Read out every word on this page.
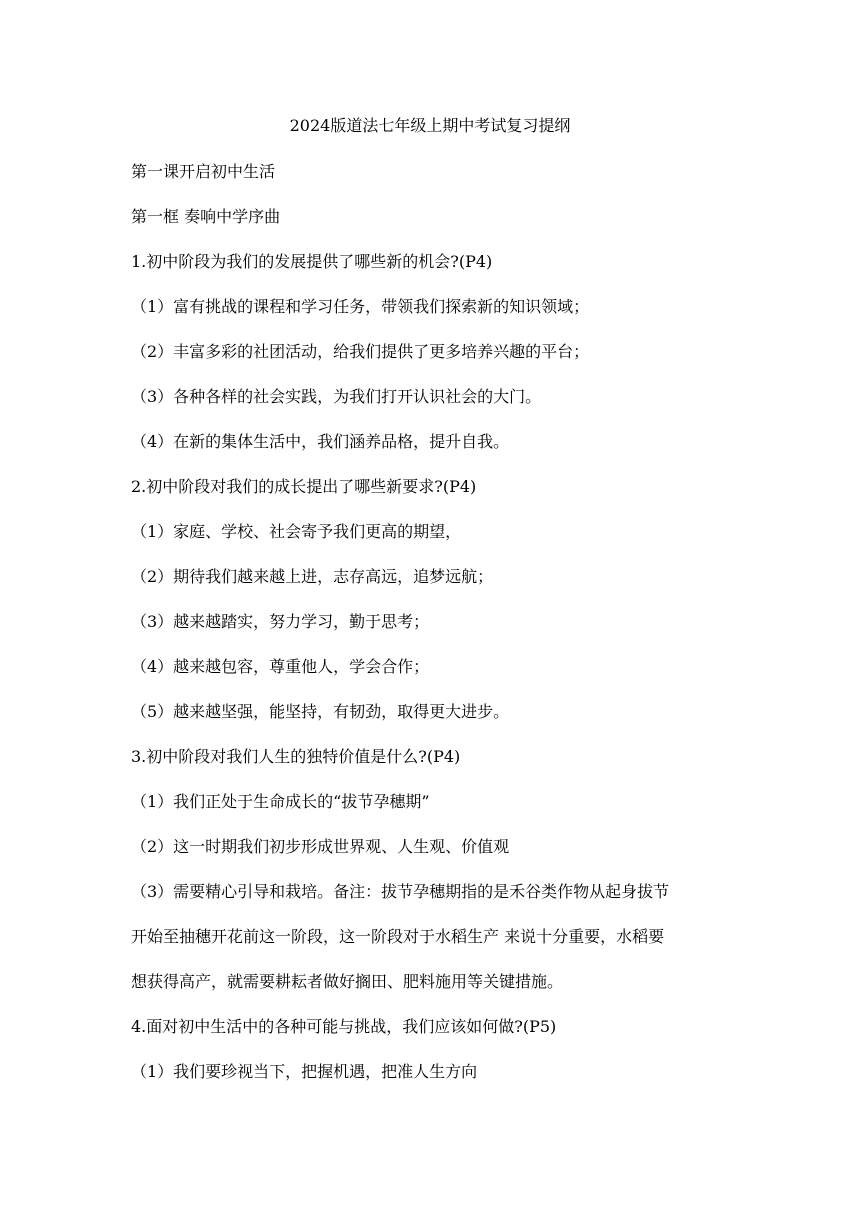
2024版道法七年级上期中考试复习提纲
第一课开启初中生活
第一框 奏响中学序曲
1.初中阶段为我们的发展提供了哪些新的机会?(P4)
（1）富有挑战的课程和学习任务，带领我们探索新的知识领域；
（2）丰富多彩的社团活动，给我们提供了更多培养兴趣的平台；
（3）各种各样的社会实践，为我们打开认识社会的大门。
（4）在新的集体生活中，我们涵养品格，提升自我。
2.初中阶段对我们的成长提出了哪些新要求?(P4)
（1）家庭、学校、社会寄予我们更高的期望，
（2）期待我们越来越上进，志存高远，追梦远航；
（3）越来越踏实，努力学习，勤于思考；
（4）越来越包容，尊重他人，学会合作；
（5）越来越坚强，能坚持，有韧劲，取得更大进步。
3.初中阶段对我们人生的独特价值是什么?(P4)
（1）我们正处于生命成长的“拔节孕穗期”
（2）这一时期我们初步形成世界观、人生观、价值观
（3）需要精心引导和栽培。备注：拔节孕穗期指的是禾谷类作物从起身拔节
开始至抽穗开花前这一阶段，这一阶段对于水稻生产 来说十分重要，水稻要
想获得高产，就需要耕耘者做好搁田、肥料施用等关键措施。
4.面对初中生活中的各种可能与挑战，我们应该如何做?(P5)
（1）我们要珍视当下，把握机遇，把准人生方向
